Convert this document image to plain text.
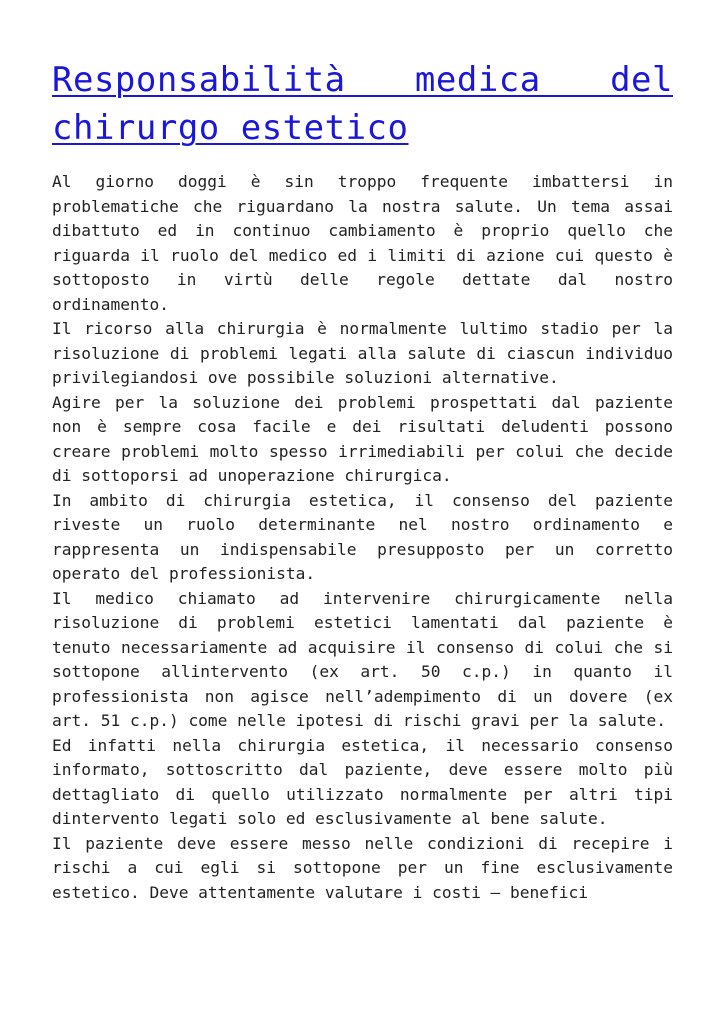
Responsabilità medica del chirurgo estetico

Al giorno doggi è sin troppo frequente imbattersi in problematiche che riguardano la nostra salute. Un tema assai dibattuto ed in continuo cambiamento è proprio quello che riguarda il ruolo del medico ed i limiti di azione cui questo è sottoposto in virtù delle regole dettate dal nostro ordinamento.

Il ricorso alla chirurgia è normalmente lultimo stadio per la risoluzione di problemi legati alla salute di ciascun individuo privilegiandosi ove possibile soluzioni alternative.

Agire per la soluzione dei problemi prospettati dal paziente non è sempre cosa facile e dei risultati deludenti possono creare problemi molto spesso irrimediabili per colui che decide di sottoporsi ad unoperazione chirurgica.

In ambito di chirurgia estetica, il consenso del paziente riveste un ruolo determinante nel nostro ordinamento e rappresenta un indispensabile presupposto per un corretto operato del professionista.

Il medico chiamato ad intervenire chirurgicamente nella risoluzione di problemi estetici lamentati dal paziente è tenuto necessariamente ad acquisire il consenso di colui che si sottopone allintervento (ex art. 50 c.p.) in quanto il professionista non agisce nell’adempimento di un dovere (ex art. 51 c.p.) come nelle ipotesi di rischi gravi per la salute.

Ed infatti nella chirurgia estetica, il necessario consenso informato, sottoscritto dal paziente, deve essere molto più dettagliato di quello utilizzato normalmente per altri tipi dintervento legati solo ed esclusivamente al bene salute.

Il paziente deve essere messo nelle condizioni di recepire i rischi a cui egli si sottopone per un fine esclusivamente estetico. Deve attentamente valutare i costi – benefici
